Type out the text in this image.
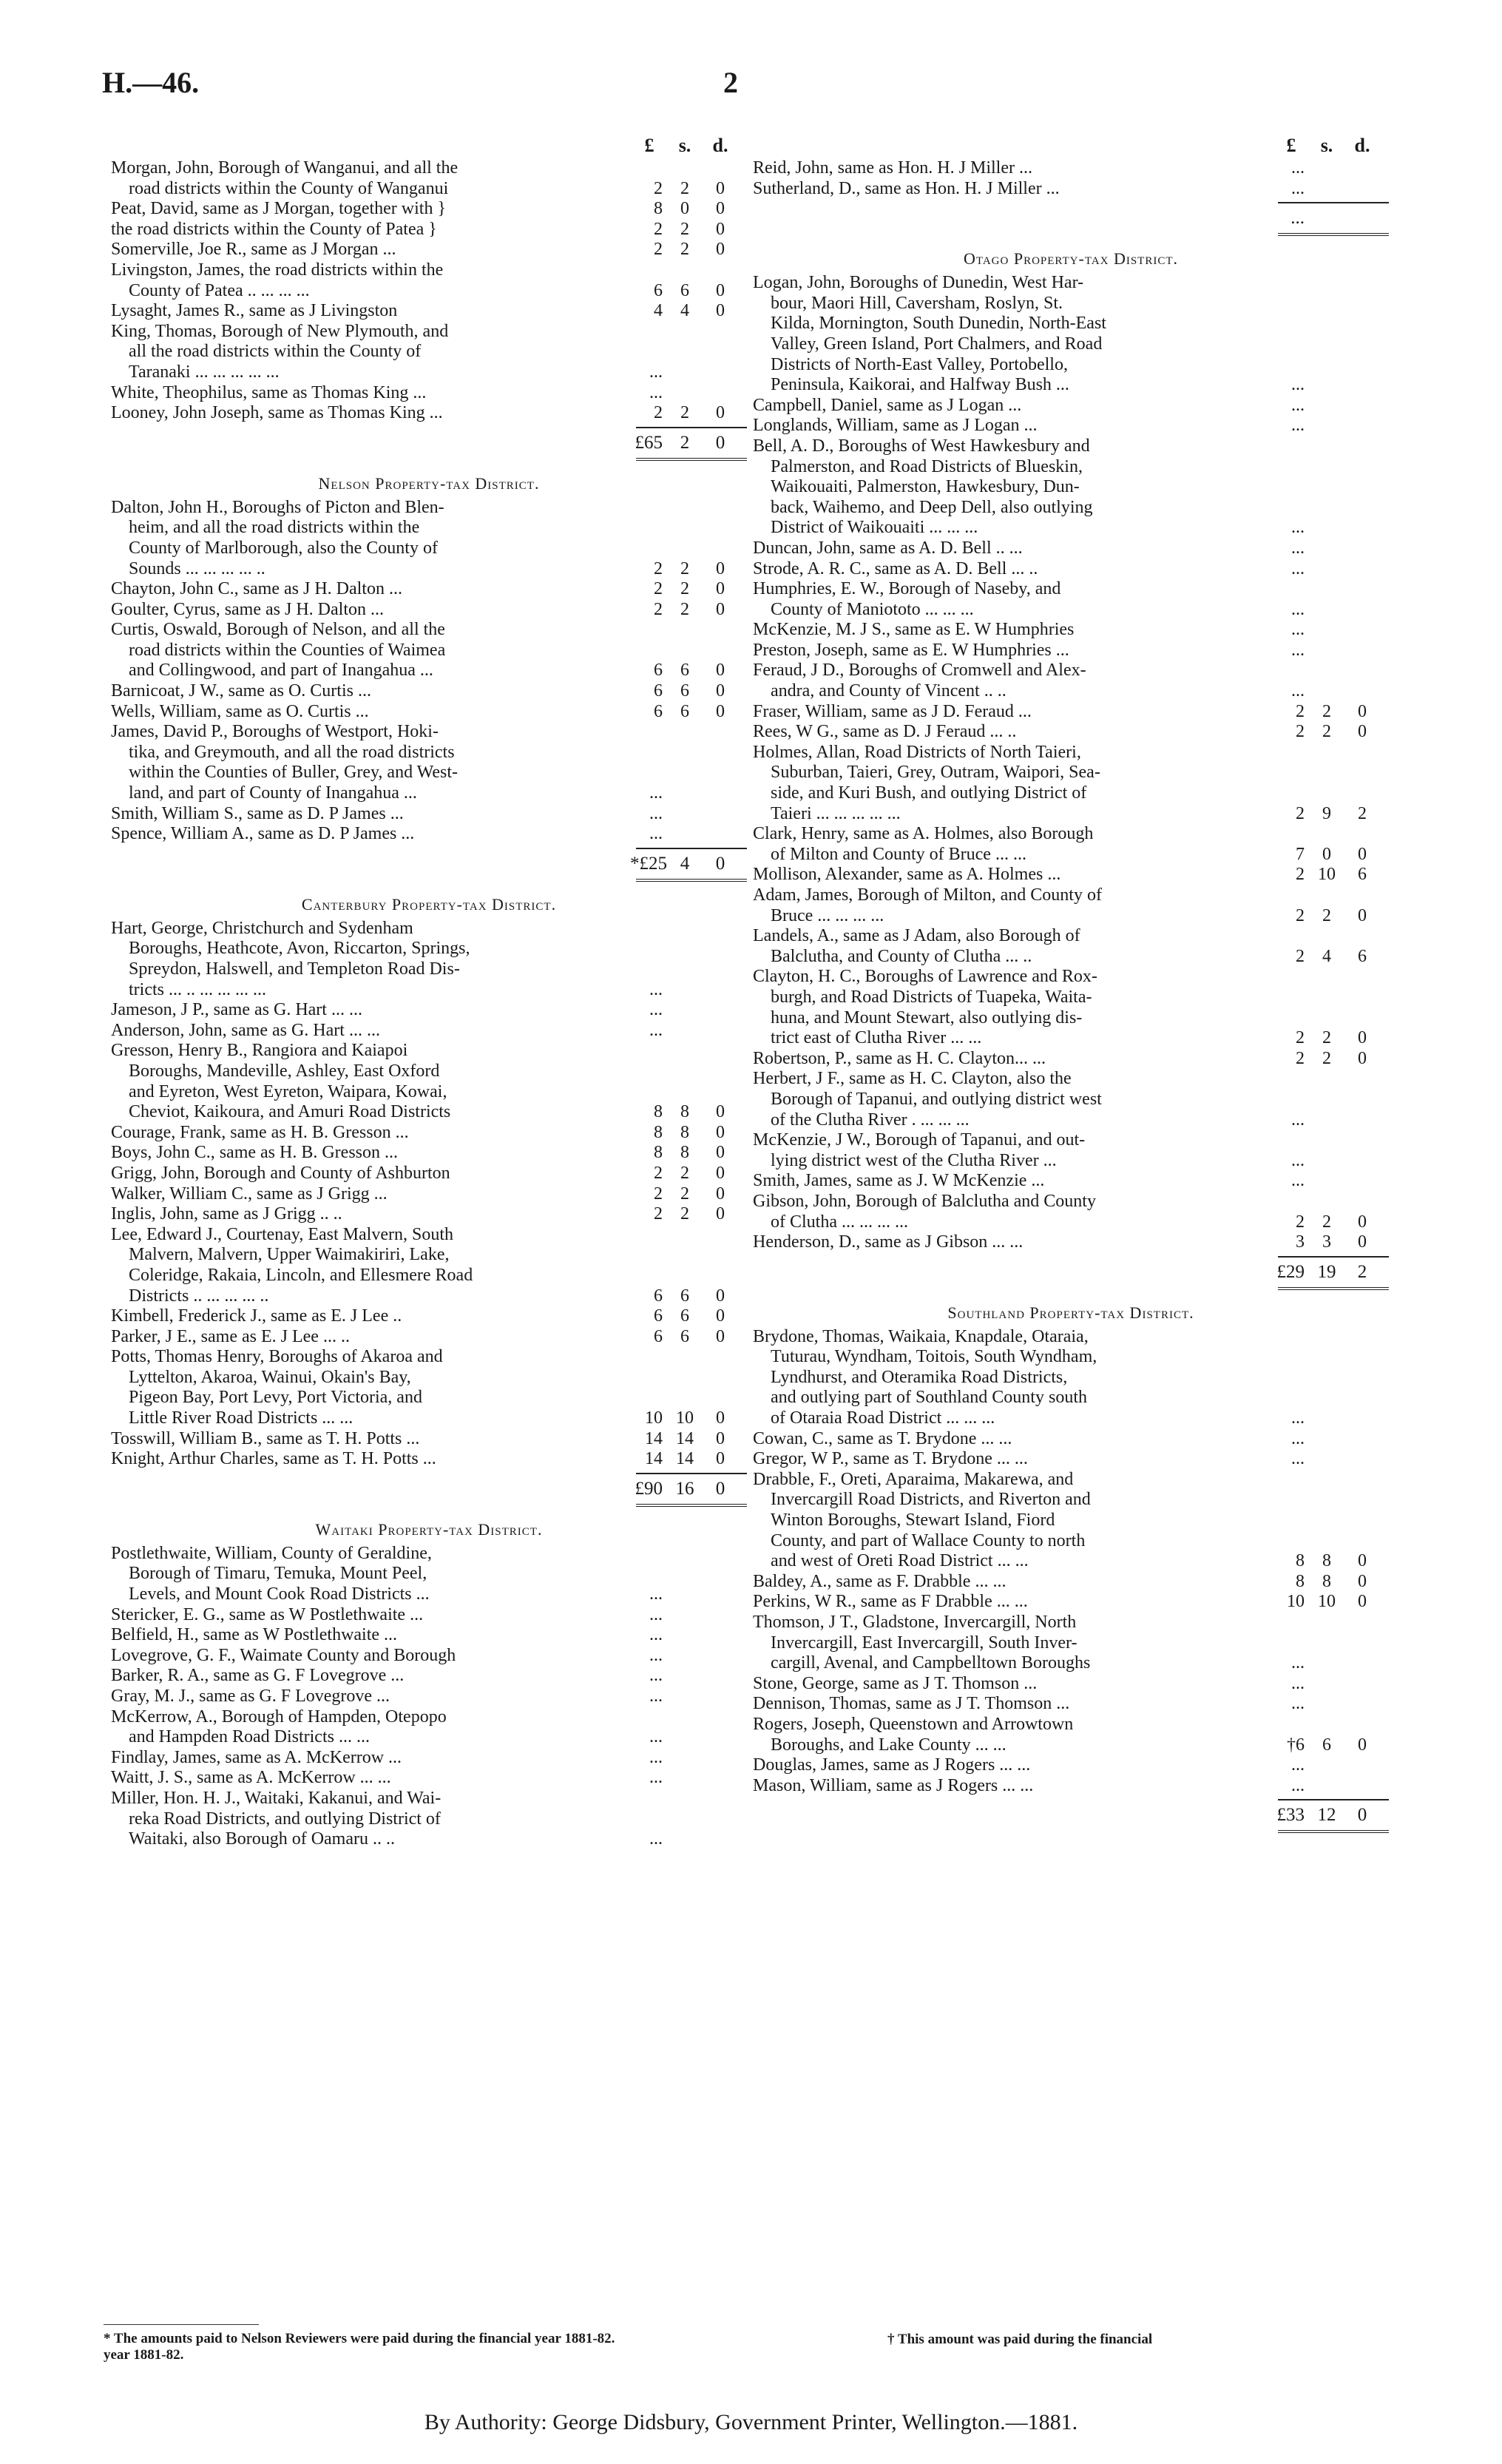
H.—46.	2
£	s.	d.
Morgan, John, Borough of Wanganui, and all the
road districts within the County of Wanganui	2	2	0
Peat, David, same as J Morgan, together with }	8	0	0
the road districts within the County of Patea }	2	2	0
Somerville, Joe R., same as J Morgan ...	2	2	0
Livingston, James, the road districts within the
County of Patea .. ... ... ...	6	6	0
Lysaght, James R., same as J Livingston	4	4	0
King, Thomas, Borough of New Plymouth, and
all the road districts within the County of
Taranaki ... ... ... ... ...	...
White, Theophilus, same as Thomas King ...	...
Looney, John Joseph, same as Thomas King ...	2	2	0
£65 2	0
Nelson Property-tax District.
Dalton, John H., Boroughs of Picton and Blen-
heim, and all the road districts within the
County of Marlborough, also the County of
Sounds ... ... ... ... ..	2	2	0
Chayton, John C., same as J H. Dalton ...	2	2	0
Goulter, Cyrus, same as J H. Dalton ...	2	2	0
Curtis, Oswald, Borough of Nelson, and all the
road districts within the Counties of Waimea
and Collingwood, and part of Inangahua ...	6	6	0
Barnicoat, J W., same as O. Curtis ...	6	6	0
Wells, William, same as O. Curtis ...	6	6	0
James, David P., Boroughs of Westport, Hoki-
tika, and Greymouth, and all the road districts
within the Counties of Buller, Grey, and West-
land, and part of County of Inangahua ...	...
Smith, William S., same as D. P James ...	...
Spence, William A., same as D. P James ...	...
*£25 4	0
Canterbury Property-tax District.
Hart, George, Christchurch and Sydenham
Boroughs, Heathcote, Avon, Riccarton, Springs,
Spreydon, Halswell, and Templeton Road Dis-
tricts ... .. ... ... ... ...	...
Jameson, J P., same as G. Hart ... ...	...
Anderson, John, same as G. Hart ... ...	...
Gresson, Henry B., Rangiora and Kaiapoi
Boroughs, Mandeville, Ashley, East Oxford
and Eyreton, West Eyreton, Waipara, Kowai,
Cheviot, Kaikoura, and Amuri Road Districts	8	8	0
Courage, Frank, same as H. B. Gresson ...	8	8	0
Boys, John C., same as H. B. Gresson ...	8	8	0
Grigg, John, Borough and County of Ashburton	2	2	0
Walker, William C., same as J Grigg ...	2	2	0
Inglis, John, same as J Grigg .. ..	2	2	0
Lee, Edward J., Courtenay, East Malvern, South
Malvern, Malvern, Upper Waimakiriri, Lake,
Coleridge, Rakaia, Lincoln, and Ellesmere Road
Districts .. ... ... ... ..	6	6	0
Kimbell, Frederick J., same as E. J Lee ..	6	6	0
Parker, J E., same as E. J Lee ... ..	6	6	0
Potts, Thomas Henry, Boroughs of Akaroa and
Lyttelton, Akaroa, Wainui, Okain's Bay,
Pigeon Bay, Port Levy, Port Victoria, and
Little River Road Districts ... ...	10 10	0
Tosswill, William B., same as T. H. Potts ...	14 14	0
Knight, Arthur Charles, same as T. H. Potts ...	14 14	0
£90 16	0
Waitaki Property-tax District.
Postlethwaite, William, County of Geraldine,
Borough of Timaru, Temuka, Mount Peel,
Levels, and Mount Cook Road Districts ...	...
Stericker, E. G., same as W Postlethwaite ...	...
Belfield, H., same as W Postlethwaite ...	...
Lovegrove, G. F., Waimate County and Borough	...
Barker, R. A., same as G. F Lovegrove ...	...
Gray, M. J., same as G. F Lovegrove ...	...
McKerrow, A., Borough of Hampden, Otepopo
and Hampden Road Districts ... ...	...
Findlay, James, same as A. McKerrow ...	...
Waitt, J. S., same as A. McKerrow ... ...	...
Miller, Hon. H. J., Waitaki, Kakanui, and Wai-
reka Road Districts, and outlying District of
Waitaki, also Borough of Oamaru .. ..	...
£	s.	d.
Reid, John, same as Hon. H. J Miller ...	...
Sutherland, D., same as Hon. H. J Miller ...	...
...
Otago Property-tax District.
Logan, John, Boroughs of Dunedin, West Har-
bour, Maori Hill, Caversham, Roslyn, St.
Kilda, Mornington, South Dunedin, North-East
Valley, Green Island, Port Chalmers, and Road
Districts of North-East Valley, Portobello,
Peninsula, Kaikorai, and Halfway Bush ...	...
Campbell, Daniel, same as J Logan ...	...
Longlands, William, same as J Logan ...	...
Bell, A. D., Boroughs of West Hawkesbury and
Palmerston, and Road Districts of Blueskin,
Waikouaiti, Palmerston, Hawkesbury, Dun-
back, Waihemo, and Deep Dell, also outlying
District of Waikouaiti ... ... ...	...
Duncan, John, same as A. D. Bell .. ...	...
Strode, A. R. C., same as A. D. Bell ... ..	...
Humphries, E. W., Borough of Naseby, and
County of Maniototo ... ... ...	...
McKenzie, M. J S., same as E. W Humphries	...
Preston, Joseph, same as E. W Humphries ...	...
Feraud, J D., Boroughs of Cromwell and Alex-
andra, and County of Vincent .. ..	...
Fraser, William, same as J D. Feraud ...	2	2	0
Rees, W G., same as D. J Feraud ... ..	2	2	0
Holmes, Allan, Road Districts of North Taieri,
Suburban, Taieri, Grey, Outram, Waipori, Sea-
side, and Kuri Bush, and outlying District of
Taieri ... ... ... ... ...	2	9	2
Clark, Henry, same as A. Holmes, also Borough
of Milton and County of Bruce ... ...	7	0	0
Mollison, Alexander, same as A. Holmes ...	2 10	6
Adam, James, Borough of Milton, and County of
Bruce ... ... ... ...	2	2	0
Landels, A., same as J Adam, also Borough of
Balclutha, and County of Clutha ... ..	2	4	6
Clayton, H. C., Boroughs of Lawrence and Rox-
burgh, and Road Districts of Tuapeka, Waita-
huna, and Mount Stewart, also outlying dis-
trict east of Clutha River ... ...	2	2	0
Robertson, P., same as H. C. Clayton... ...	2	2	0
Herbert, J F., same as H. C. Clayton, also the
Borough of Tapanui, and outlying district west
of the Clutha River . ... ... ...	...
McKenzie, J W., Borough of Tapanui, and out-
lying district west of the Clutha River ...	...
Smith, James, same as J. W McKenzie ...	...
Gibson, John, Borough of Balclutha and County
of Clutha ... ... ... ...	2	2	0
Henderson, D., same as J Gibson ... ...	3	3	0
£29 19	2
Southland Property-tax District.
Brydone, Thomas, Waikaia, Knapdale, Otaraia,
Tuturau, Wyndham, Toitois, South Wyndham,
Lyndhurst, and Oteramika Road Districts,
and outlying part of Southland County south
of Otaraia Road District ... ... ...	...
Cowan, C., same as T. Brydone ... ...	...
Gregor, W P., same as T. Brydone ... ...	...
Drabble, F., Oreti, Aparaima, Makarewa, and
Invercargill Road Districts, and Riverton and
Winton Boroughs, Stewart Island, Fiord
County, and part of Wallace County to north
and west of Oreti Road District ... ...	8	8	0
Baldey, A., same as F. Drabble ... ...	8	8	0
Perkins, W R., same as F Drabble ... ...	10 10	0
Thomson, J T., Gladstone, Invercargill, North
Invercargill, East Invercargill, South Inver-
cargill, Avenal, and Campbelltown Boroughs	...
Stone, George, same as J T. Thomson ...	...
Dennison, Thomas, same as J T. Thomson ...	...
Rogers, Joseph, Queenstown and Arrowtown
Boroughs, and Lake County ... ...	†6	6	0
Douglas, James, same as J Rogers ... ...	...
Mason, William, same as J Rogers ... ...	...
£33 12	0
* The amounts paid to Nelson Reviewers were paid during the financial year 1881-82.
year 1881-82.
† This amount was paid during the financial
By Authority: George Didsbury, Government Printer, Wellington.—1881.
